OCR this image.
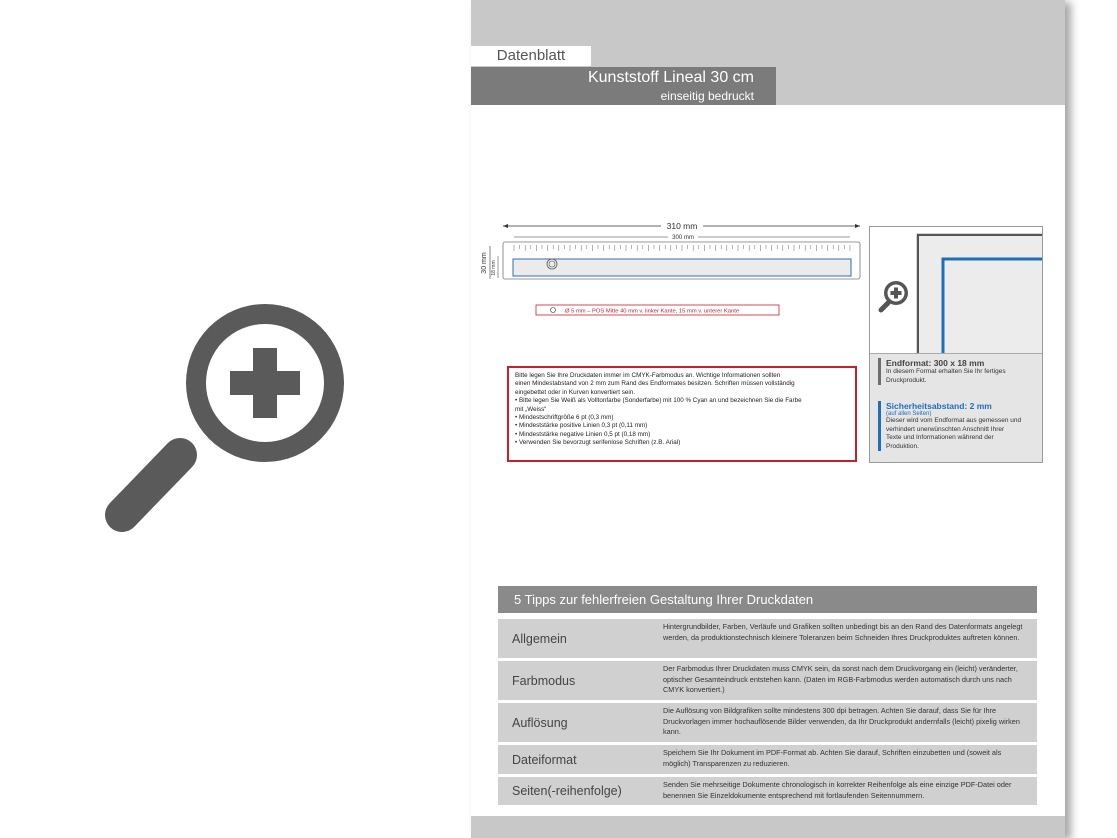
Datenblatt
Kunststoff Lineal 30 cm
einseitig bedruckt
310 mm
300 mm
30 mm 18 mm
Ø 5 mm – POS Mitte 40 mm v. linker Kante, 15 mm v. unterer Kante

Bitte legen Sie Ihre Druckdaten immer im CMYK-Farbmodus an. Wichtige Informationen sollten

einen Mindestabstand von 2 mm zum Rand des Endformates besitzen. Schriften müssen vollständig

eingebettet oder in Kurven konvertiert sein.

• Bitte legen Sie Weiß als Volltonfarbe (Sonderfarbe) mit 100 % Cyan an und bezeichnen Sie die Farbe

mit „Weiss“

• Mindestschriftgröße 6 pt (0,3 mm)

• Mindeststärke positive Linien 0,3 pt (0,11 mm)

• Mindeststärke negative Linien 0,5 pt (0,18 mm)

• Verwenden Sie bevorzugt serifenlose Schriften (z.B. Arial)

Endformat: 300 x 18 mm
In diesem Format erhalten Sie Ihr fertiges
Druckprodukt.
Sicherheitsabstand: 2 mm
(auf allen Seiten)
Dieser wird vom Endformat aus gemessen und
verhindert unerwünschten Anschnitt Ihrer
Texte und Informationen während der
Produktion.
5 Tipps zur fehlerfreien Gestaltung Ihrer Druckdaten
Allgemein
Hintergrundbilder, Farben, Verläufe und Grafiken sollten unbedingt bis an den Rand des Datenformats angelegt werden, da produktionstechnisch kleinere Toleranzen beim Schneiden Ihres Druckproduktes auftreten können.
Farbmodus
Der Farbmodus Ihrer Druckdaten muss CMYK sein, da sonst nach dem Druckvorgang ein (leicht) veränderter, optischer Gesamteindruck entstehen kann. (Daten im RGB-Farbmodus werden automatisch durch uns nach CMYK konvertiert.)
Auflösung
Die Auflösung von Bildgrafiken sollte mindestens 300 dpi betragen. Achten Sie darauf, dass Sie für Ihre Druckvorlagen immer hochauflösende Bilder verwenden, da Ihr Druckprodukt andernfalls (leicht) pixelig wirken kann.
Dateiformat	Speichern Sie Ihr Dokument im PDF-Format ab. Achten Sie darauf, Schriften einzubetten und (soweit als möglich) Transparenzen zu reduzieren.
Seiten(-reihenfolge)	Senden Sie mehrseitige Dokumente chronologisch in korrekter Reihenfolge als eine einzige PDF-Datei oder benennen Sie Einzeldokumente entsprechend mit fortlaufenden Seitennummern.
